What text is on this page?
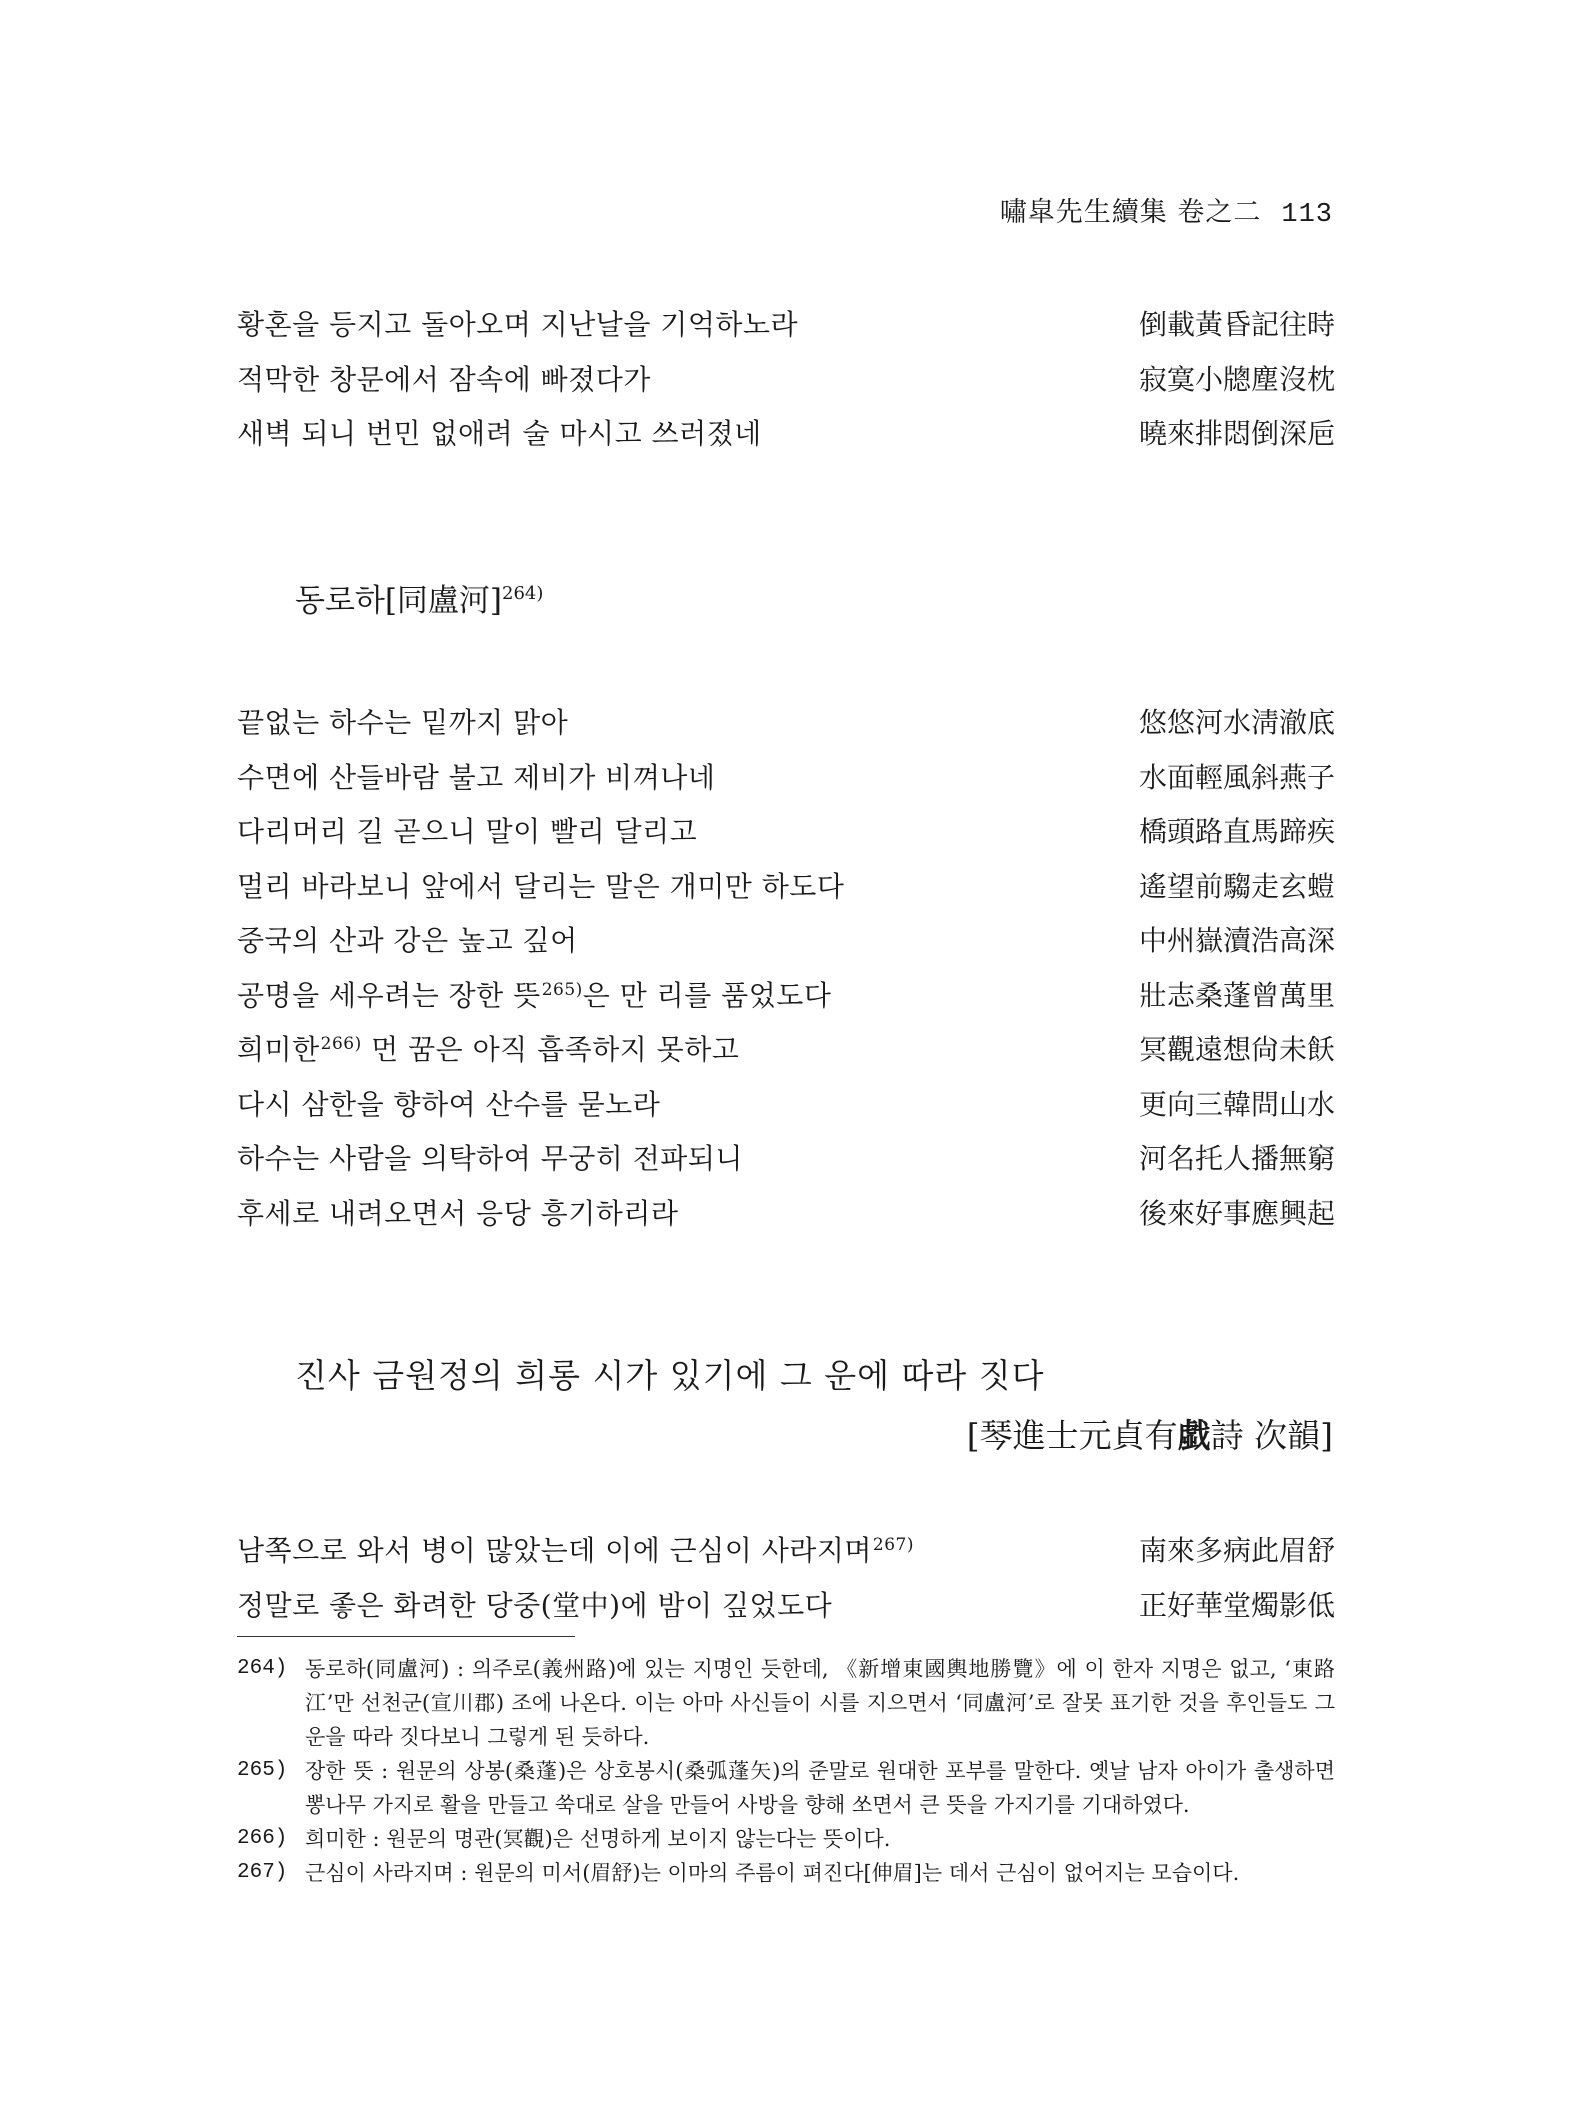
嘯皐先生續集 卷之二 113
황혼을 등지고 돌아오며 지난날을 기억하노라	倒載黃昏記往時
적막한 창문에서 잠속에 빠졌다가	寂寞小牕塵沒枕
새벽 되니 번민 없애려 술 마시고 쓰러졌네	曉來排悶倒深巵
동로하[同盧河]$^{264)}$
끝없는 하수는 밑까지 맑아	悠悠河水淸澈底
수면에 산들바람 불고 제비가 비껴나네	水面輕風斜燕子
다리머리 길 곧으니 말이 빨리 달리고	橋頭路直馬蹄疾
멀리 바라보니 앞에서 달리는 말은 개미만 하도다	遙望前騶走玄螘
중국의 산과 강은 높고 깊어	中州嶽瀆浩高深
공명을 세우려는 장한 뜻$^{265)}$은 만 리를 품었도다	壯志桑蓬曾萬里
희미한$^{266)}$ 먼 꿈은 아직 흡족하지 못하고	冥觀遠想尙未飫
다시 삼한을 향하여 산수를 묻노라	更向三韓問山水
하수는 사람을 의탁하여 무궁히 전파되니	河名托人播無窮
후세로 내려오면서 응당 흥기하리라	後來好事應興起
진사 금원정의 희롱 시가 있기에 그 운에 따라 짓다
[琴進士元貞有戱詩 次韻]
남쪽으로 와서 병이 많았는데 이에 근심이 사라지며$^{267)}$	南來多病此眉舒
정말로 좋은 화려한 당중(堂中)에 밤이 깊었도다	正好華堂燭影低
264) 동로하(同盧河) : 의주로(義州路)에 있는 지명인 듯한데, 《新增東國輿地勝覽》에 이 한자 지명은 없고, ‘東路江’만 선천군(宣川郡) 조에 나온다. 이는 아마 사신들이 시를 지으면서 ‘同盧河’로 잘못 표기한 것을 후인들도 그 운을 따라 짓다보니 그렇게 된 듯하다.
265) 장한 뜻 : 원문의 상봉(桑蓬)은 상호봉시(桑弧蓬矢)의 준말로 원대한 포부를 말한다. 옛날 남자 아이가 출생하면 뽕나무 가지로 활을 만들고 쑥대로 살을 만들어 사방을 향해 쏘면서 큰 뜻을 가지기를 기대하였다.
266) 희미한 : 원문의 명관(冥觀)은 선명하게 보이지 않는다는 뜻이다.
267) 근심이 사라지며 : 원문의 미서(眉舒)는 이마의 주름이 펴진다[伸眉]는 데서 근심이 없어지는 모습이다.
